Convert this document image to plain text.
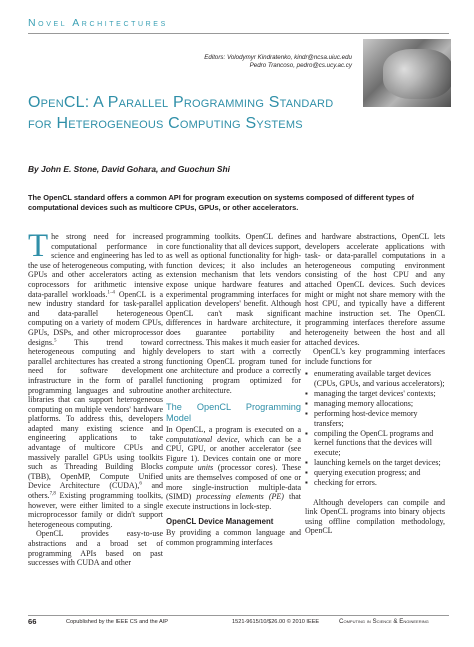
Novel Architectures
Editors: Volodymyr Kindratenko, kindr@ncsa.uiuc.edu
Pedro Trancoso, pedro@cs.ucy.ac.cy
OpenCL: A Parallel Programming Standard for Heterogeneous Computing Systems
By John E. Stone, David Gohara, and Guochun Shi
The OpenCL standard offers a common API for program execution on systems composed of different types of computational devices such as multicore CPUs, GPUs, or other accelerators.

The strong need for increased computational performance in science and engineering has led to the use of heterogeneous computing, with GPUs and other accelerators acting as coprocessors for arithmetic intensive data-parallel workloads.$^{1-4}$ OpenCL is a new industry standard for task-parallel and data-parallel heterogeneous computing on a variety of modern CPUs, GPUs, DSPs, and other microprocessor designs.$^5$ This trend toward heterogeneous computing and highly parallel architectures has created a strong need for software development infrastructure in the form of parallel programming languages and subroutine libraries that can support heterogeneous computing on multiple vendors' hardware platforms. To address this, developers adapted many existing science and engineering applications to take advantage of multicore CPUs and massively parallel GPUs using toolkits such as Threading Building Blocks (TBB), OpenMP, Compute Unified Device Architecture (CUDA),$^6$ and others.$^{7,8}$ Existing programming toolkits, however, were either limited to a single microprocessor family or didn't support heterogeneous computing.

OpenCL provides easy-to-use abstractions and a broad set of programming APIs based on past successes with CUDA and other

programming toolkits. OpenCL defines core functionality that all devices support, as well as optional functionality for high-function devices; it also includes an extension mechanism that lets vendors expose unique hardware features and experimental programming interfaces for application developers' benefit. Although OpenCL can't mask significant differences in hardware architecture, it does guarantee portability and correctness. This makes it much easier for developers to start with a correctly functioning OpenCL program tuned for one architecture and produce a correctly functioning program optimized for another architecture.

The OpenCL Programming Model

In OpenCL, a program is executed on a computational device, which can be a CPU, GPU, or another accelerator (see Figure 1). Devices contain one or more compute units (processor cores). These units are themselves composed of one or more single-instruction multiple-data (SIMD) processing elements (PE) that execute instructions in lock-step.

OpenCL Device Management

By providing a common language and common programming interfaces

and hardware abstractions, OpenCL lets developers accelerate applications with task- or data-parallel computations in a heterogeneous computing environment consisting of the host CPU and any attached OpenCL devices. Such devices might or might not share memory with the host CPU, and typically have a different machine instruction set. The OpenCL programming interfaces therefore assume heterogeneity between the host and all attached devices.

OpenCL's key programming interfaces include functions for

▪ enumerating available target devices (CPUs, GPUs, and various accelerators);
▪ managing the target devices' contexts;
▪ managing memory allocations;
▪ performing host-device memory transfers;
▪ compiling the OpenCL programs and kernel functions that the devices will execute;
▪ launching kernels on the target devices;
▪ querying execution progress; and
▪ checking for errors.

Although developers can compile and link OpenCL programs into binary objects using offline compilation methodology, OpenCL

66	Copublished by the IEEE CS and the AIP	1521-9615/10/$26.00 © 2010 IEEE	Computing in Science & Engineering
